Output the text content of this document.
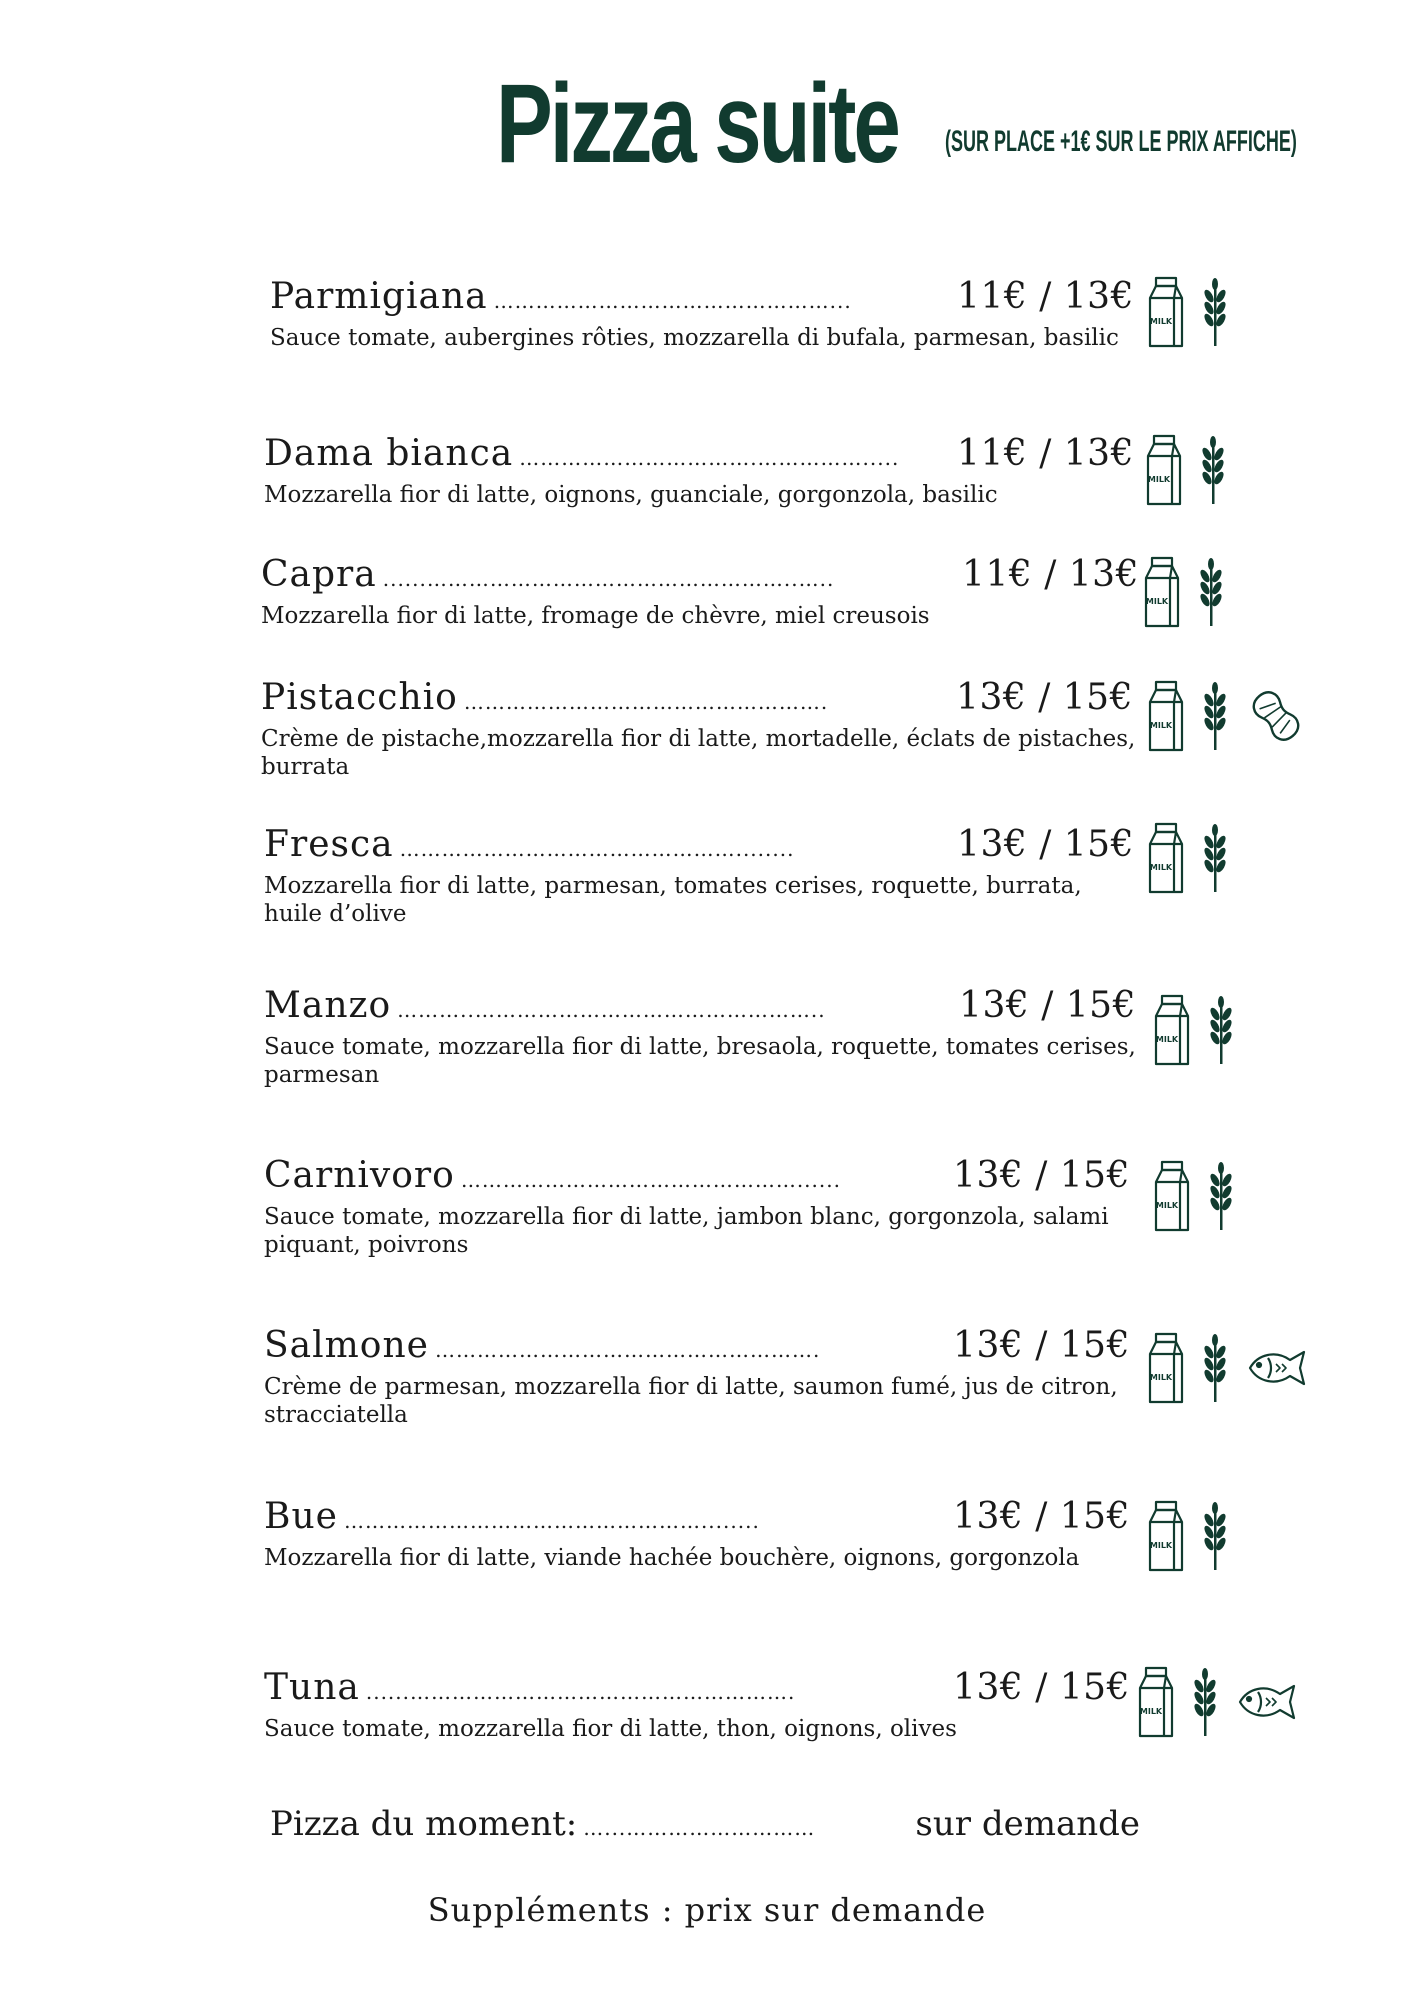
Pizza suite (SUR PLACE +1€ SUR LE PRIX AFFICHE)
Parmigiana …………………………………………...	11€ / 13€
Sauce tomate, aubergines rôties, mozzarella di bufala, parmesan, basilic
MILK
Dama bianca …………………………….…………….....	11€ / 13€
Mozzarella fior di latte, oignons, guanciale, gorgonzola, basilic
MILK
Capra ......……………………………………………..…..	11€ / 13€
Mozzarella fior di latte, fromage de chèvre, miel creusois
MILK
Pistacchio …………………………………………….	13€ / 15€
Crème de pistache,mozzarella fior di latte, mortadelle, éclats de pistaches, burrata
MILK
Fresca …………………………………………........	13€ / 15€
Mozzarella fior di latte, parmesan, tomates cerises, roquette, burrata, huile d’olive
MILK
Manzo ………..…………………………………………..	13€ / 15€
Sauce tomate, mozzarella fior di latte, bresaola, roquette, tomates cerises, parmesan
MILK
Carnivoro …………………………………………......	13€ / 15€
Sauce tomate, mozzarella fior di latte, jambon blanc, gorgonzola, salami piquant, poivrons
MILK
Salmone ……………………………………………….	13€ / 15€
Crème de parmesan, mozzarella fior di latte, saumon fumé, jus de citron, stracciatella
MILK
Bue ……………………………………………........	13€ / 15€
Mozzarella fior di latte, viande hachée bouchère, oignons, gorgonzola	MILK
Tuna ......……………………………………………….	13€ / 15€
Sauce tomate, mozzarella fior di latte, thon, oignons, olives
MILK
Pizza du moment: …...………………………	sur demande
Suppléments : prix sur demande
